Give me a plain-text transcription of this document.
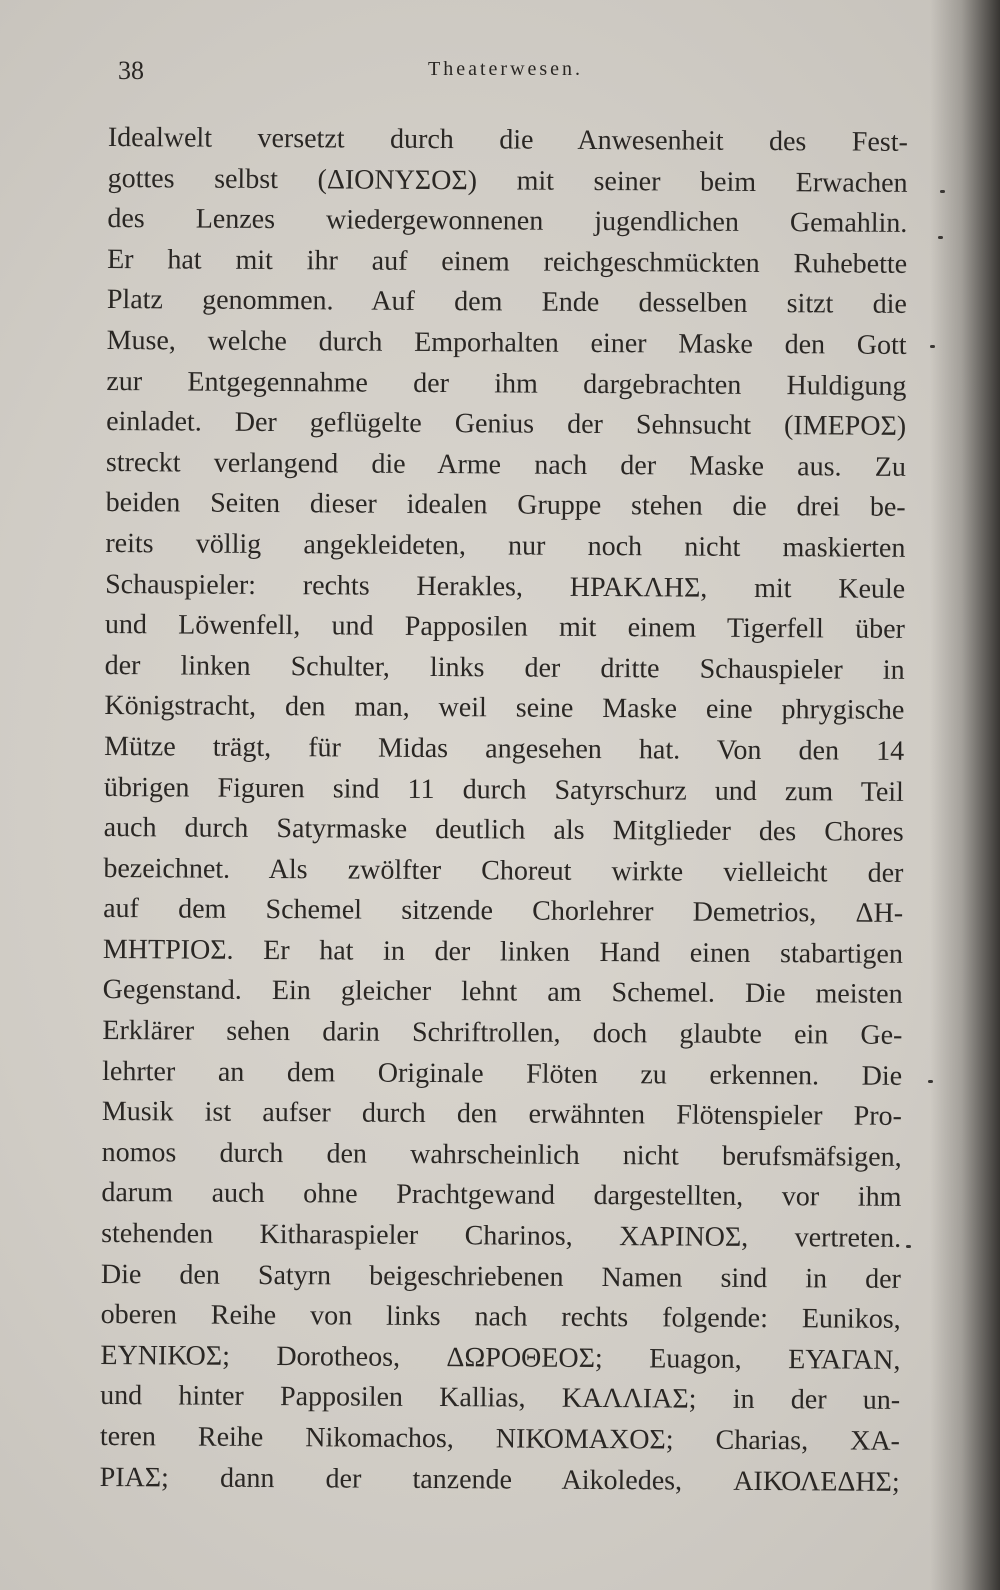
38	Theaterwesen.
Idealwelt versetzt durch die Anwesenheit des Fest-
gottes selbst (ΔΙΟΝΥΣΟΣ) mit seiner beim Erwachen
des Lenzes wiedergewonnenen jugendlichen Gemahlin.
Er hat mit ihr auf einem reichgeschmückten Ruhebette
Platz genommen. Auf dem Ende desselben sitzt die
Muse, welche durch Emporhalten einer Maske den Gott
zur Entgegennahme der ihm dargebrachten Huldigung
einladet. Der geflügelte Genius der Sehnsucht (ΙΜΕΡΟΣ)
streckt verlangend die Arme nach der Maske aus. Zu
beiden Seiten dieser idealen Gruppe stehen die drei be-
reits völlig angekleideten, nur noch nicht maskierten
Schauspieler: rechts Herakles, ΗΡΑΚΛΗΣ, mit Keule
und Löwenfell, und Papposilen mit einem Tigerfell über
der linken Schulter, links der dritte Schauspieler in
Königstracht, den man, weil seine Maske eine phrygische
Mütze trägt, für Midas angesehen hat. Von den 14
übrigen Figuren sind 11 durch Satyrschurz und zum Teil
auch durch Satyrmaske deutlich als Mitglieder des Chores
bezeichnet. Als zwölfter Choreut wirkte vielleicht der
auf dem Schemel sitzende Chorlehrer Demetrios, ΔΗ-
ΜΗΤΡΙΟΣ. Er hat in der linken Hand einen stabartigen
Gegenstand. Ein gleicher lehnt am Schemel. Die meisten
Erklärer sehen darin Schriftrollen, doch glaubte ein Ge-
lehrter an dem Originale Flöten zu erkennen. Die
Musik ist aufser durch den erwähnten Flötenspieler Pro-
nomos durch den wahrscheinlich nicht berufsmäfsigen,
darum auch ohne Prachtgewand dargestellten, vor ihm
stehenden Kitharaspieler Charinos, ΧΑΡΙΝΟΣ, vertreten.
Die den Satyrn beigeschriebenen Namen sind in der
oberen Reihe von links nach rechts folgende: Eunikos,
ΕΥΝΙΚΟΣ; Dorotheos, ΔΩΡΟΘΕΟΣ; Euagon, ΕΥΑΓΑΝ,
und hinter Papposilen Kallias, ΚΑΛΛΙΑΣ; in der un-
teren Reihe Nikomachos, ΝΙΚΟΜΑΧΟΣ; Charias, ΧΑ-
ΡΙΑΣ; dann der tanzende Aikoledes, ΑΙΚΟΛΕΔΗΣ;
